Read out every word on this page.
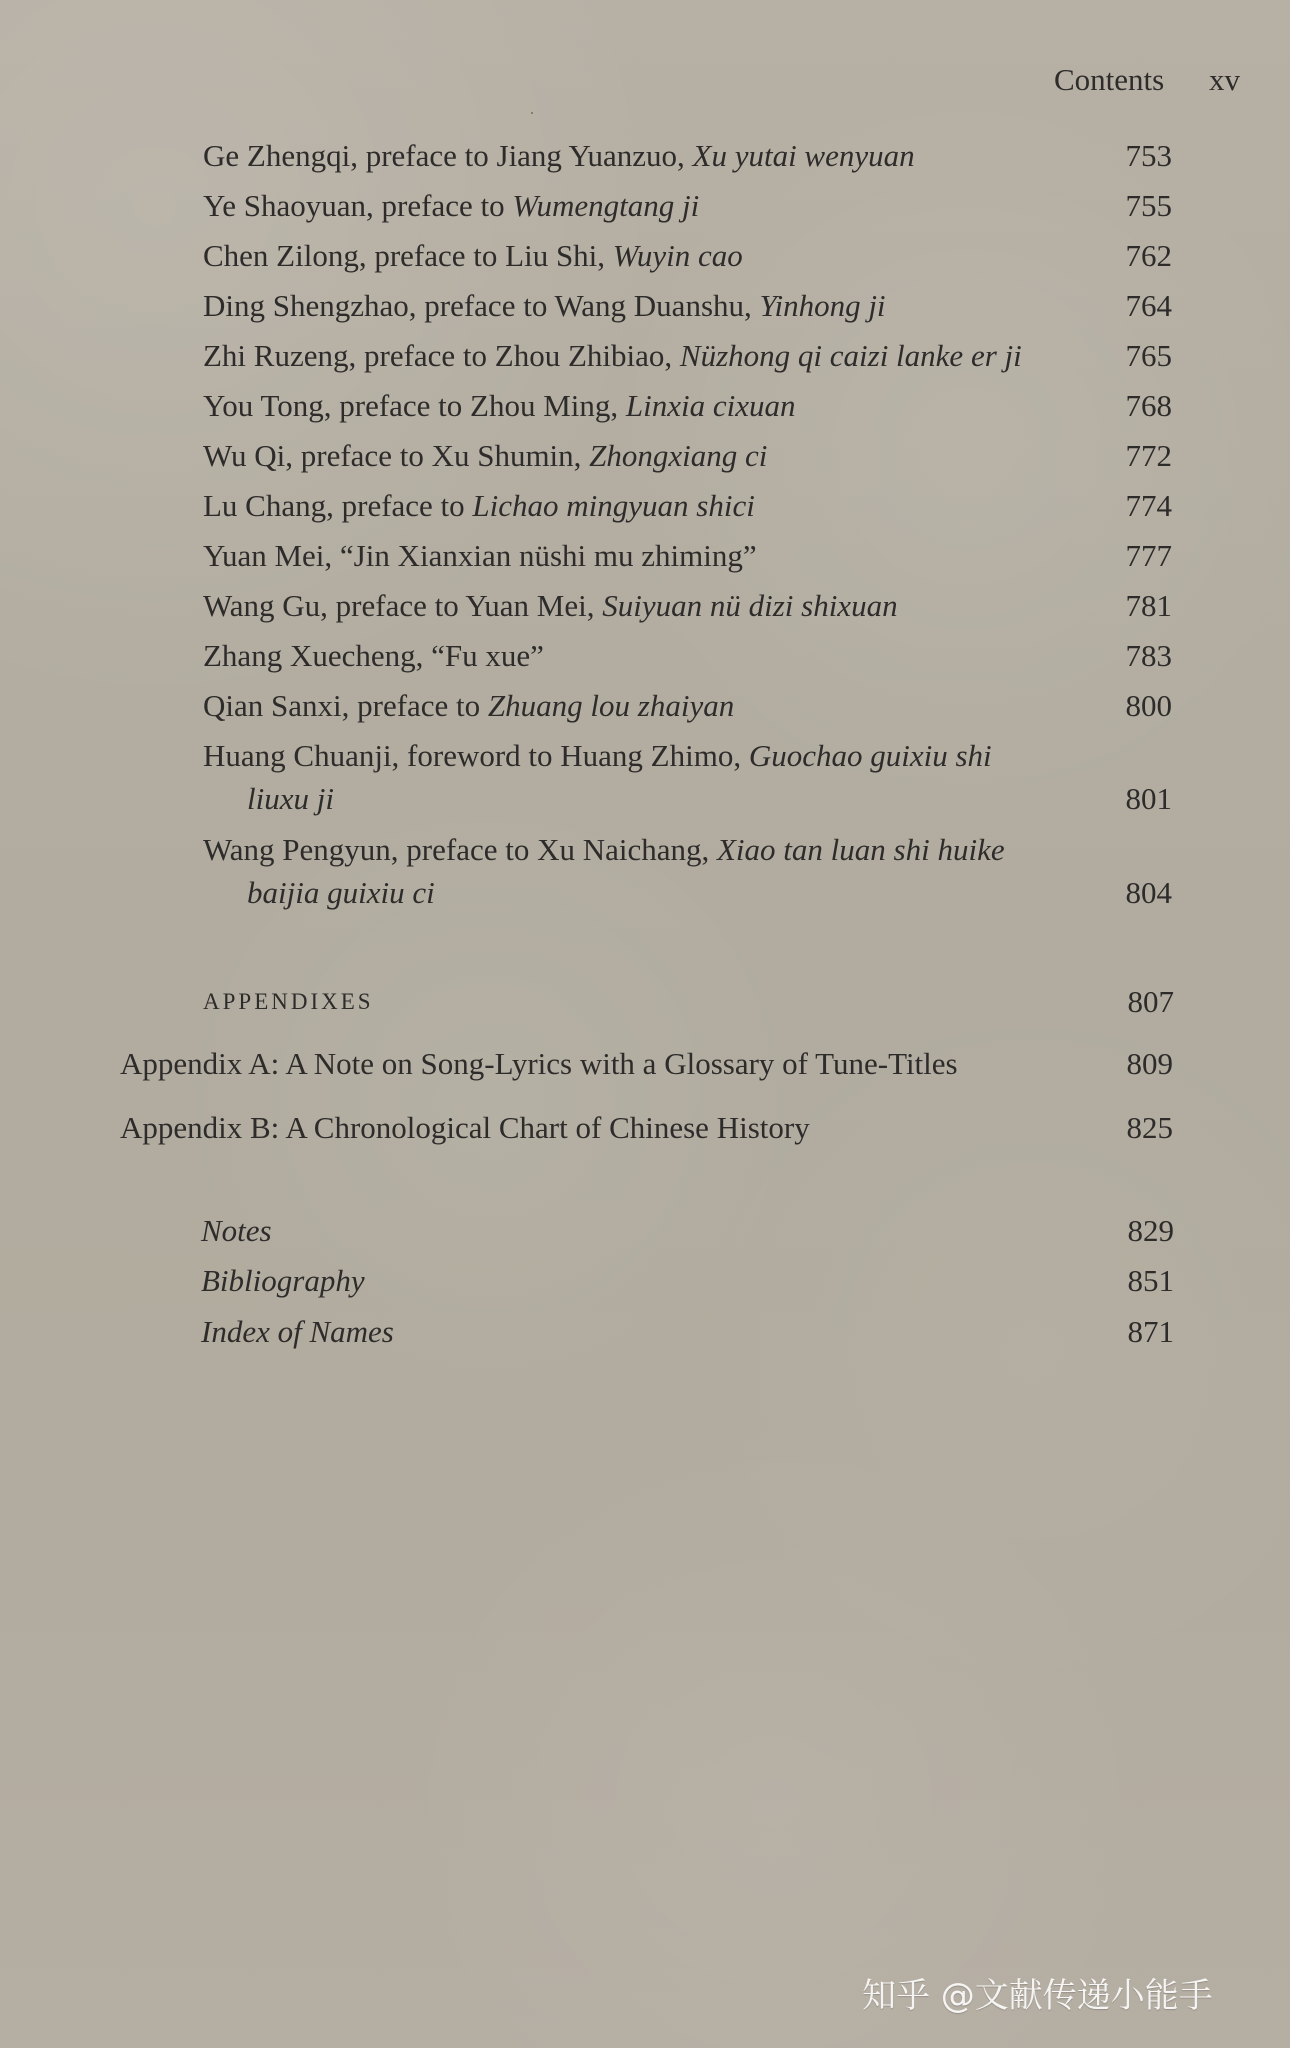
Contents xv
Ge Zhengqi, preface to Jiang Yuanzuo, Xu yutai wenyuan	753
Ye Shaoyuan, preface to Wumengtang ji	755
Chen Zilong, preface to Liu Shi, Wuyin cao	762
Ding Shengzhao, preface to Wang Duanshu, Yinhong ji	764
Zhi Ruzeng, preface to Zhou Zhibiao, Nüzhong qi caizi lanke er ji	765
You Tong, preface to Zhou Ming, Linxia cixuan	768
Wu Qi, preface to Xu Shumin, Zhongxiang ci	772
Lu Chang, preface to Lichao mingyuan shici	774
Yuan Mei, “Jin Xianxian nüshi mu zhiming”	777
Wang Gu, preface to Yuan Mei, Suiyuan nü dizi shixuan	781
Zhang Xuecheng, “Fu xue”	783
Qian Sanxi, preface to Zhuang lou zhaiyan	800
Huang Chuanji, foreword to Huang Zhimo, Guochao guixiu shi
liuxu ji	801
Wang Pengyun, preface to Xu Naichang, Xiao tan luan shi huike
baijia guixiu ci	804
APPENDIXES	807
Appendix A: A Note on Song-Lyrics with a Glossary of Tune-Titles	809
Appendix B: A Chronological Chart of Chinese History	825
Notes	829
Bibliography	851
Index of Names	871
知乎 @文献传递小能手
